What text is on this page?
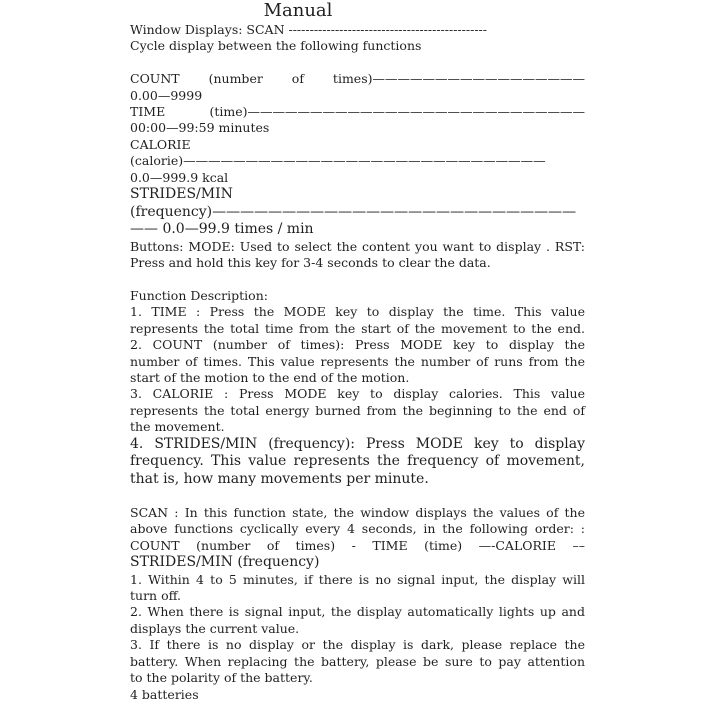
Manual
Window Displays: SCAN -----------------------------------------------
Cycle display between the following functions
COUNT (number of times)—————————————————
0.00—9999
TIME (time)———————————————————————————
00:00—99:59 minutes
CALORIE
(calorie)—————————————————————————————
0.0—999.9 kcal
STRIDES/MIN
(frequency)——————————————————————————
—— 0.0—99.9 times / min
Buttons: MODE: Used to select the content you want to display . RST:
Press and hold this key for 3-4 seconds to clear the data.
Function Description:
1. TIME : Press the MODE key to display the time. This value
represents the total time from the start of the movement to the end.
2. COUNT (number of times): Press MODE key to display the
number of times. This value represents the number of runs from the
start of the motion to the end of the motion.
3. CALORIE : Press MODE key to display calories. This value
represents the total energy burned from the beginning to the end of
the movement.
4. STRIDES/MIN (frequency): Press MODE key to display
frequency. This value represents the frequency of movement,
that is, how many movements per minute.
SCAN : In this function state, the window displays the values of the
above functions cyclically every 4 seconds, in the following order: :
COUNT (number of times) - TIME (time) —-CALORIE ––
STRIDES/MIN (frequency)
1. Within 4 to 5 minutes, if there is no signal input, the display will
turn off.
2. When there is signal input, the display automatically lights up and
displays the current value.
3. If there is no display or the display is dark, please replace the
battery. When replacing the battery, please be sure to pay attention
to the polarity of the battery.
4 batteries
